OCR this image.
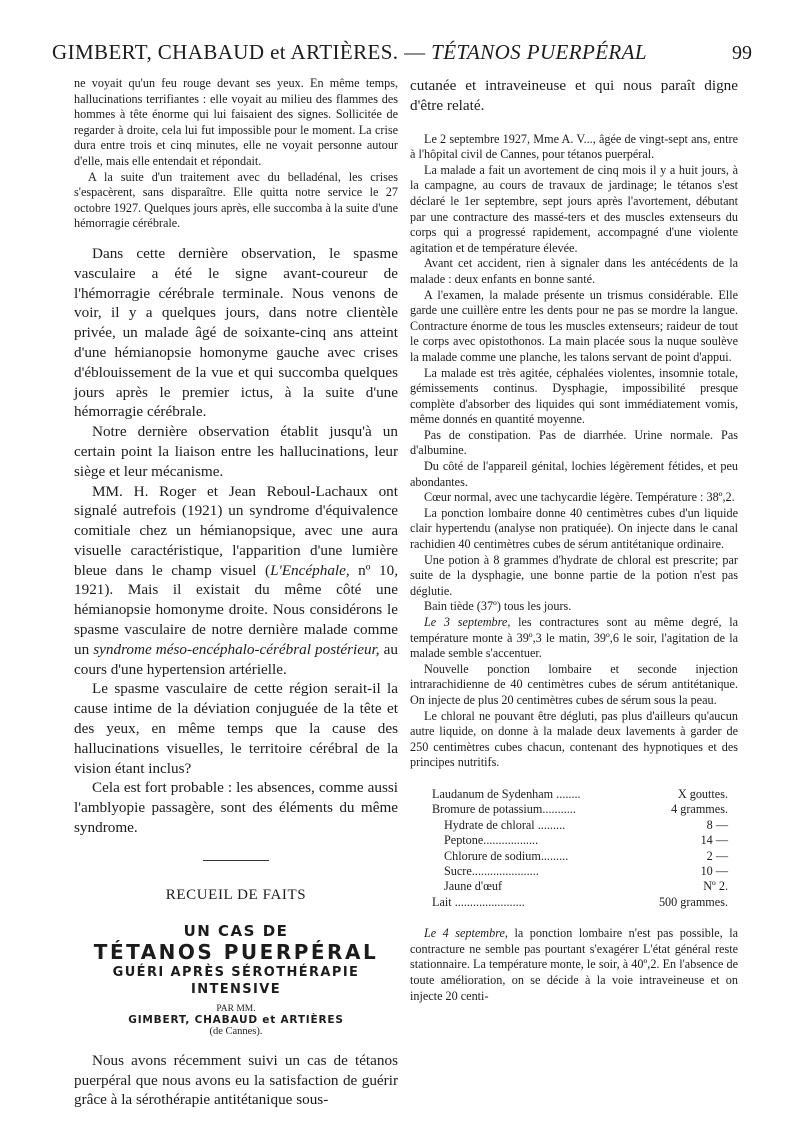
GIMBERT, CHABAUD et ARTIÈRES. — TÉTANOS PUERPÉRAL	99

ne voyait qu'un feu rouge devant ses yeux. En même temps, hallucinations terrifiantes : elle voyait au milieu des flammes des hommes à tête énorme qui lui faisaient des signes. Sollicitée de regarder à droite, cela lui fut impossible pour le moment. La crise dura entre trois et cinq minutes, elle ne voyait personne autour d'elle, mais elle entendait et répondait.

A la suite d'un traitement avec du belladénal, les crises s'espacèrent, sans disparaître. Elle quitta notre service le 27 octobre 1927. Quelques jours après, elle succomba à la suite d'une hémorragie cérébrale.

Dans cette dernière observation, le spasme vasculaire a été le signe avant-coureur de l'hémorragie cérébrale terminale. Nous venons de voir, il y a quelques jours, dans notre clientèle privée, un malade âgé de soixante-cinq ans atteint d'une hémianopsie homonyme gauche avec crises d'éblouissement de la vue et qui succomba quelques jours après le premier ictus, à la suite d'une hémorragie cérébrale.

Notre dernière observation établit jusqu'à un certain point la liaison entre les hallucinations, leur siège et leur mécanisme.

MM. H. Roger et Jean Reboul-Lachaux ont signalé autrefois (1921) un syndrome d'équivalence comitiale chez un hémianopsique, avec une aura visuelle caractéristique, l'apparition d'une lumière bleue dans le champ visuel (L'Encéphale, nº 10, 1921). Mais il existait du même côté une hémianopsie homonyme droite. Nous considérons le spasme vasculaire de notre dernière malade comme un syndrome méso-encéphalo-cérébral postérieur, au cours d'une hypertension artérielle.

Le spasme vasculaire de cette région serait-il la cause intime de la déviation conjuguée de la tête et des yeux, en même temps que la cause des hallucinations visuelles, le territoire cérébral de la vision étant inclus?

Cela est fort probable : les absences, comme aussi l'amblyopie passagère, sont des éléments du même syndrome.

RECUEIL DE FAITS

UN CAS DE

TÉTANOS PUERPÉRAL

GUÉRI APRÈS SÉROTHÉRAPIE

INTENSIVE

PAR MM.

GIMBERT, CHABAUD et ARTIÈRES

(de Cannes).

Nous avons récemment suivi un cas de tétanos puerpéral que nous avons eu la satisfaction de guérir grâce à la sérothérapie antitétanique sous-

cutanée et intraveineuse et qui nous paraît digne d'être relaté.

Le 2 septembre 1927, Mme A. V..., âgée de vingt-sept ans, entre à l'hôpital civil de Cannes, pour tétanos puerpéral.

La malade a fait un avortement de cinq mois il y a huit jours, à la campagne, au cours de travaux de jardinage; le tétanos s'est déclaré le 1er septembre, sept jours après l'avortement, débutant par une contracture des massé-ters et des muscles extenseurs du corps qui a progressé rapidement, accompagné d'une violente agitation et de température élevée.

Avant cet accident, rien à signaler dans les antécédents de la malade : deux enfants en bonne santé.

A l'examen, la malade présente un trismus considérable. Elle garde une cuillère entre les dents pour ne pas se mordre la langue. Contracture énorme de tous les muscles extenseurs; raideur de tout le corps avec opistothonos. La main placée sous la nuque soulève la malade comme une planche, les talons servant de point d'appui.

La malade est très agitée, céphalées violentes, insomnie totale, gémissements continus. Dysphagie, impossibilité presque complète d'absorber des liquides qui sont immédiatement vomis, même donnés en quantité moyenne.

Pas de constipation. Pas de diarrhée. Urine normale. Pas d'albumine.

Du côté de l'appareil génital, lochies légèrement fétides, et peu abondantes.

Cœur normal, avec une tachycardie légère. Température : 38º,2.

La ponction lombaire donne 40 centimètres cubes d'un liquide clair hypertendu (analyse non pratiquée). On injecte dans le canal rachidien 40 centimètres cubes de sérum antitétanique ordinaire.

Une potion à 8 grammes d'hydrate de chloral est prescrite; par suite de la dysphagie, une bonne partie de la potion n'est pas déglutie.

Bain tiède (37º) tous les jours.

Le 3 septembre, les contractures sont au même degré, la température monte à 39º,3 le matin, 39º,6 le soir, l'agitation de la malade semble s'accentuer.

Nouvelle ponction lombaire et seconde injection intrarachidienne de 40 centimètres cubes de sérum antitétanique. On injecte de plus 20 centimètres cubes de sérum sous la peau.

Le chloral ne pouvant être dégluti, pas plus d'ailleurs qu'aucun autre liquide, on donne à la malade deux lavements à garder de 250 centimètres cubes chacun, contenant des hypnotiques et des principes nutritifs.

Laudanum de Sydenham ........	X gouttes.
Bromure de potassium...........	4 grammes.
Hydrate de chloral .........	8 —
Peptone..................	14 —
Chlorure de sodium.........	2 —
Sucre......................	10 —
Jaune d'œuf	Nº 2.
Lait .......................	500 grammes.

Le 4 septembre, la ponction lombaire n'est pas possible, la contracture ne semble pas pourtant s'exagérer L'état général reste stationnaire. La température monte, le soir, à 40º,2. En l'absence de toute amélioration, on se décide à la voie intraveineuse et on injecte 20 centi-
